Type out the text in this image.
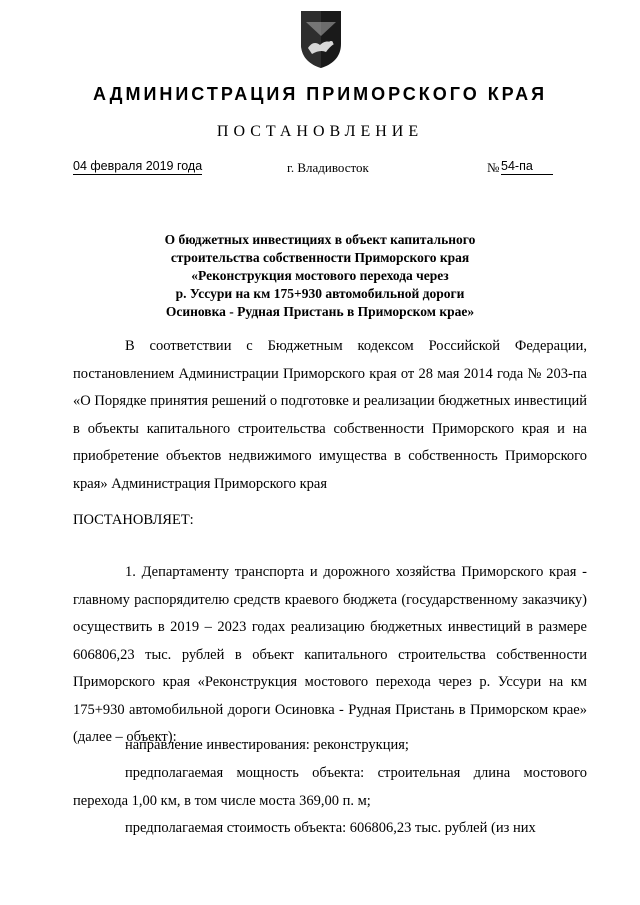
АДМИНИСТРАЦИЯ ПРИМОРСКОГО КРАЯ
ПОСТАНОВЛЕНИЕ
04 февраля 2019 года	г. Владивосток	№ 54-па
О бюджетных инвестициях в объект капитального
строительства собственности Приморского края
«Реконструкция мостового перехода через
р. Уссури на км 175+930 автомобильной дороги
Осиновка - Рудная Пристань в Приморском крае»

В соответствии с Бюджетным кодексом Российской Федерации, постановлением Администрации Приморского края от 28 мая 2014 года № 203-па «О Порядке принятия решений о подготовке и реализации бюджетных инвестиций в объекты капитального строительства собственности Приморского края и на приобретение объектов недвижимого имущества в собственность Приморского края» Администрация Приморского края

ПОСТАНОВЛЯЕТ:

1. Департаменту транспорта и дорожного хозяйства Приморского края - главному распорядителю средств краевого бюджета (государственному заказчику) осуществить в 2019 – 2023 годах реализацию бюджетных инвестиций в размере 606806,23 тыс. рублей в объект капитального строительства собственности Приморского края «Реконструкция мостового перехода через р. Уссури на км 175+930 автомобильной дороги Осиновка - Рудная Пристань в Приморском крае» (далее – объект):

направление инвестирования: реконструкция;

предполагаемая мощность объекта: строительная длина мостового перехода 1,00 км, в том числе моста 369,00 п. м;

предполагаемая стоимость объекта: 606806,23 тыс. рублей (из них
